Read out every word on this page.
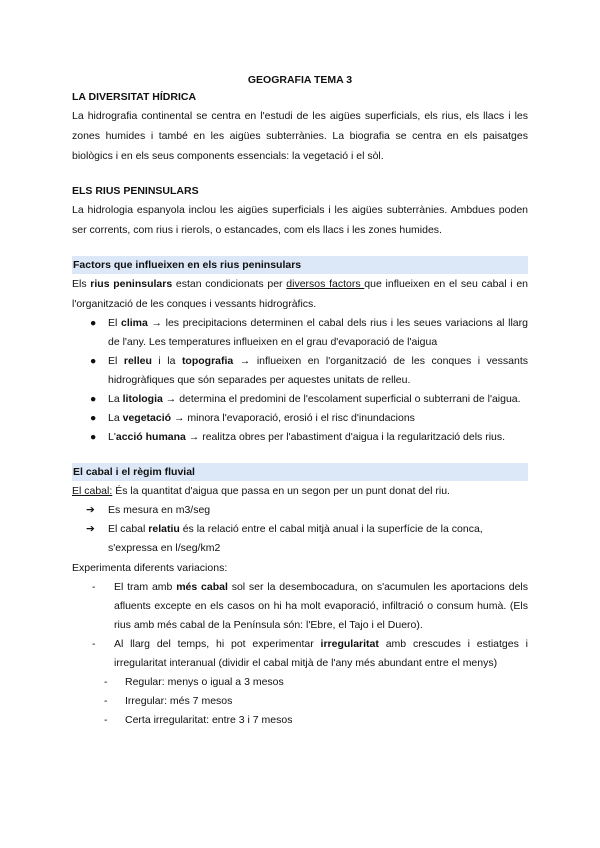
GEOGRAFIA TEMA 3
LA DIVERSITAT HÍDRICA

La hidrografia continental se centra en l'estudi de les aigües superficials, els rius, els llacs i les zones humides i també en les aigües subterrànies. La biografia se centra en els paisatges biològics i en els seus components essencials: la vegetació i el sòl.

ELS RIUS PENINSULARS

La hidrologia espanyola inclou les aigües superficials i les aigües subterrànies. Ambdues poden ser corrents, com rius i rierols, o estancades, com els llacs i les zones humides.

Factors que influeixen en els rius peninsulars

Els rius peninsulars estan condicionats per diversos factors que influeixen en el seu cabal i en l'organització de les conques i vessants hidrogràfics.

● El clima → les precipitacions determinen el cabal dels rius i les seues variacions al llarg de l'any. Les temperatures influeixen en el grau d'evaporació de l'aigua
● El relleu i la topografia → influeixen en l'organització de les conques i vessants hidrogràfiques que són separades per aquestes unitats de relleu.
● La litologia → determina el predomini de l'escolament superficial o subterrani de l'aigua.
● La vegetació → minora l'evaporació, erosió i el risc d'inundacions
● L'acció humana → realitza obres per l'abastiment d'aigua i la regularització dels rius.
El cabal i el règim fluvial

El cabal: És la quantitat d'aigua que passa en un segon per un punt donat del riu.

➔ Es mesura en m3/seg
➔ El cabal relatiu és la relació entre el cabal mitjà anual i la superfície de la conca, s'expressa en l/seg/km2

Experimenta diferents variacions:

- El tram amb més cabal sol ser la desembocadura, on s'acumulen les aportacions dels afluents excepte en els casos on hi ha molt evaporació, infiltració o consum humà. (Els rius amb més cabal de la Península són: l'Ebre, el Tajo i el Duero).
- Al llarg del temps, hi pot experimentar irregularitat amb crescudes i estiatges i irregularitat interanual (dividir el cabal mitjà de l'any més abundant entre el menys)
- Regular: menys o igual a 3 mesos
- Irregular: més 7 mesos
- Certa irregularitat: entre 3 i 7 mesos
